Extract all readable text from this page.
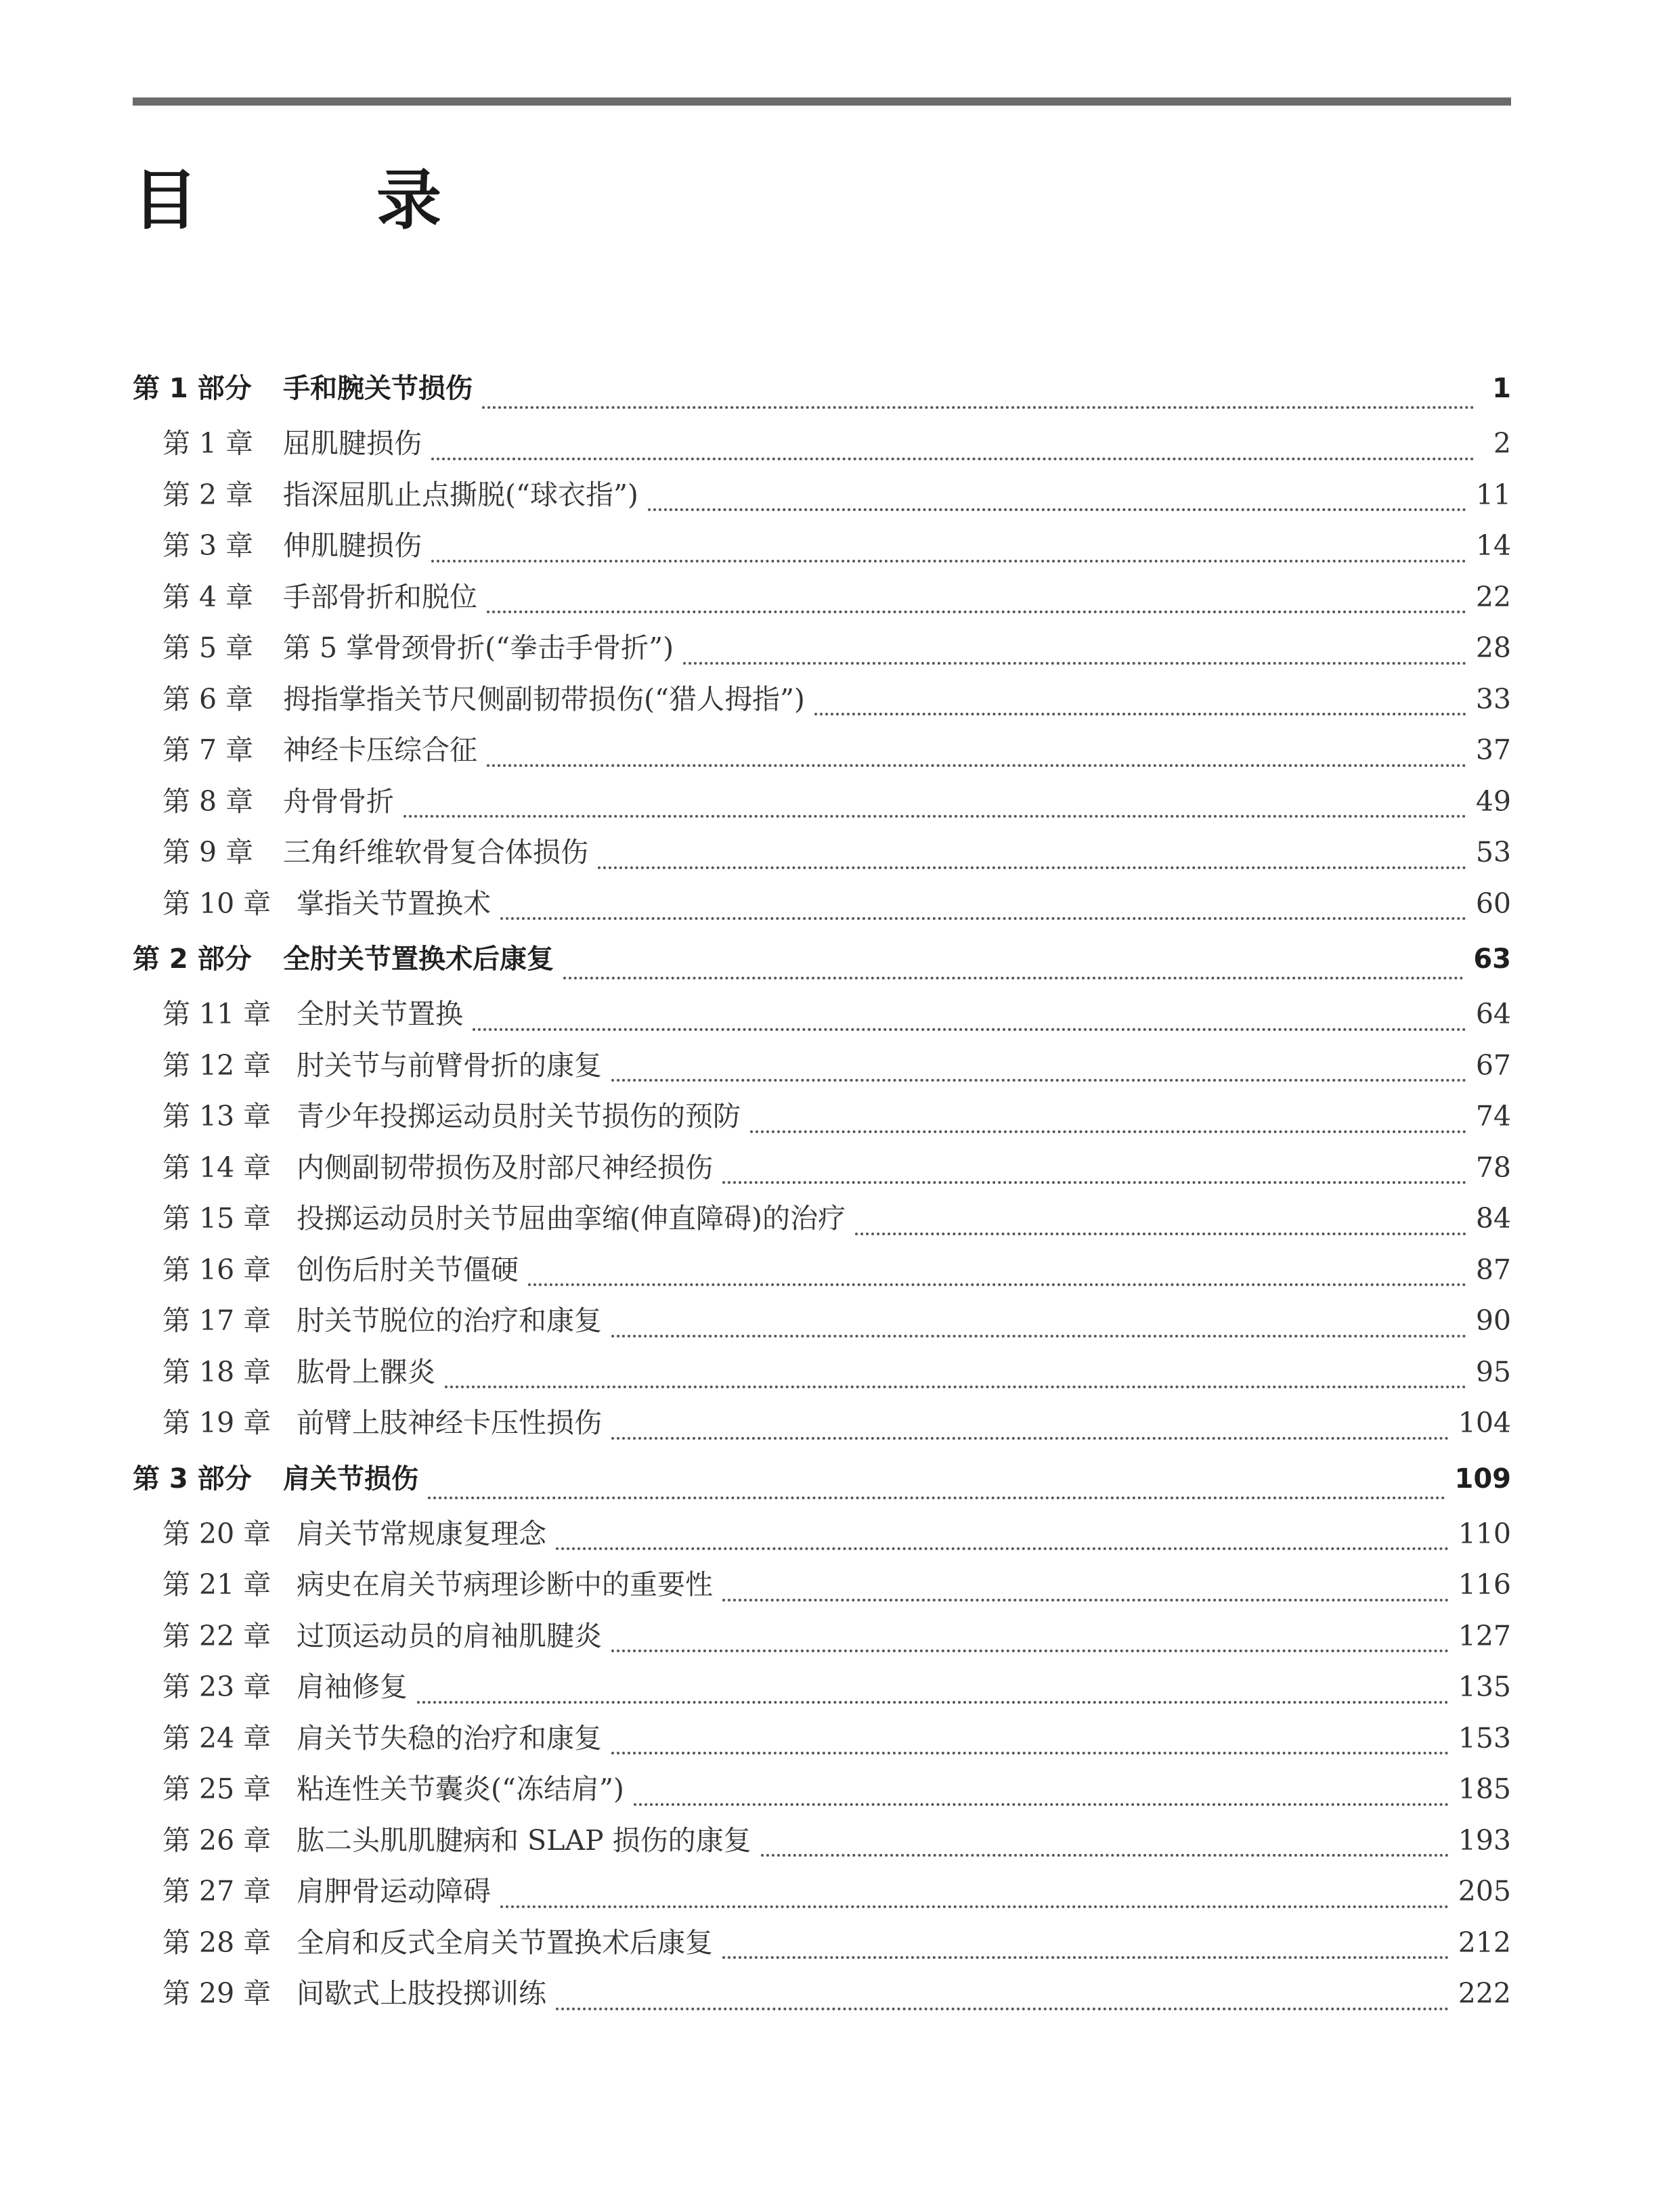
目　录
第 1 部分	手和腕关节损伤	1
第 1 章	屈肌腱损伤	2
第 2 章	指深屈肌止点撕脱(“球衣指”)	11
第 3 章	伸肌腱损伤	14
第 4 章	手部骨折和脱位	22
第 5 章	第 5 掌骨颈骨折(“拳击手骨折”)	28
第 6 章	拇指掌指关节尺侧副韧带损伤(“猎人拇指”)	33
第 7 章	神经卡压综合征	37
第 8 章	舟骨骨折	49
第 9 章	三角纤维软骨复合体损伤	53
第 10 章 掌指关节置换术	60
第 2 部分	全肘关节置换术后康复	63
第 11 章 全肘关节置换	64
第 12 章 肘关节与前臂骨折的康复	67
第 13 章 青少年投掷运动员肘关节损伤的预防	74
第 14 章 内侧副韧带损伤及肘部尺神经损伤	78
第 15 章 投掷运动员肘关节屈曲挛缩(伸直障碍)的治疗	84
第 16 章 创伤后肘关节僵硬	87
第 17 章 肘关节脱位的治疗和康复	90
第 18 章 肱骨上髁炎	95
第 19 章 前臂上肢神经卡压性损伤	104
第 3 部分	肩关节损伤	109
第 20 章 肩关节常规康复理念	110
第 21 章 病史在肩关节病理诊断中的重要性	116
第 22 章 过顶运动员的肩袖肌腱炎	127
第 23 章 肩袖修复	135
第 24 章 肩关节失稳的治疗和康复	153
第 25 章 粘连性关节囊炎(“冻结肩”)	185
第 26 章 肱二头肌肌腱病和 SLAP 损伤的康复	193
第 27 章 肩胛骨运动障碍	205
第 28 章 全肩和反式全肩关节置换术后康复	212
第 29 章 间歇式上肢投掷训练	222
